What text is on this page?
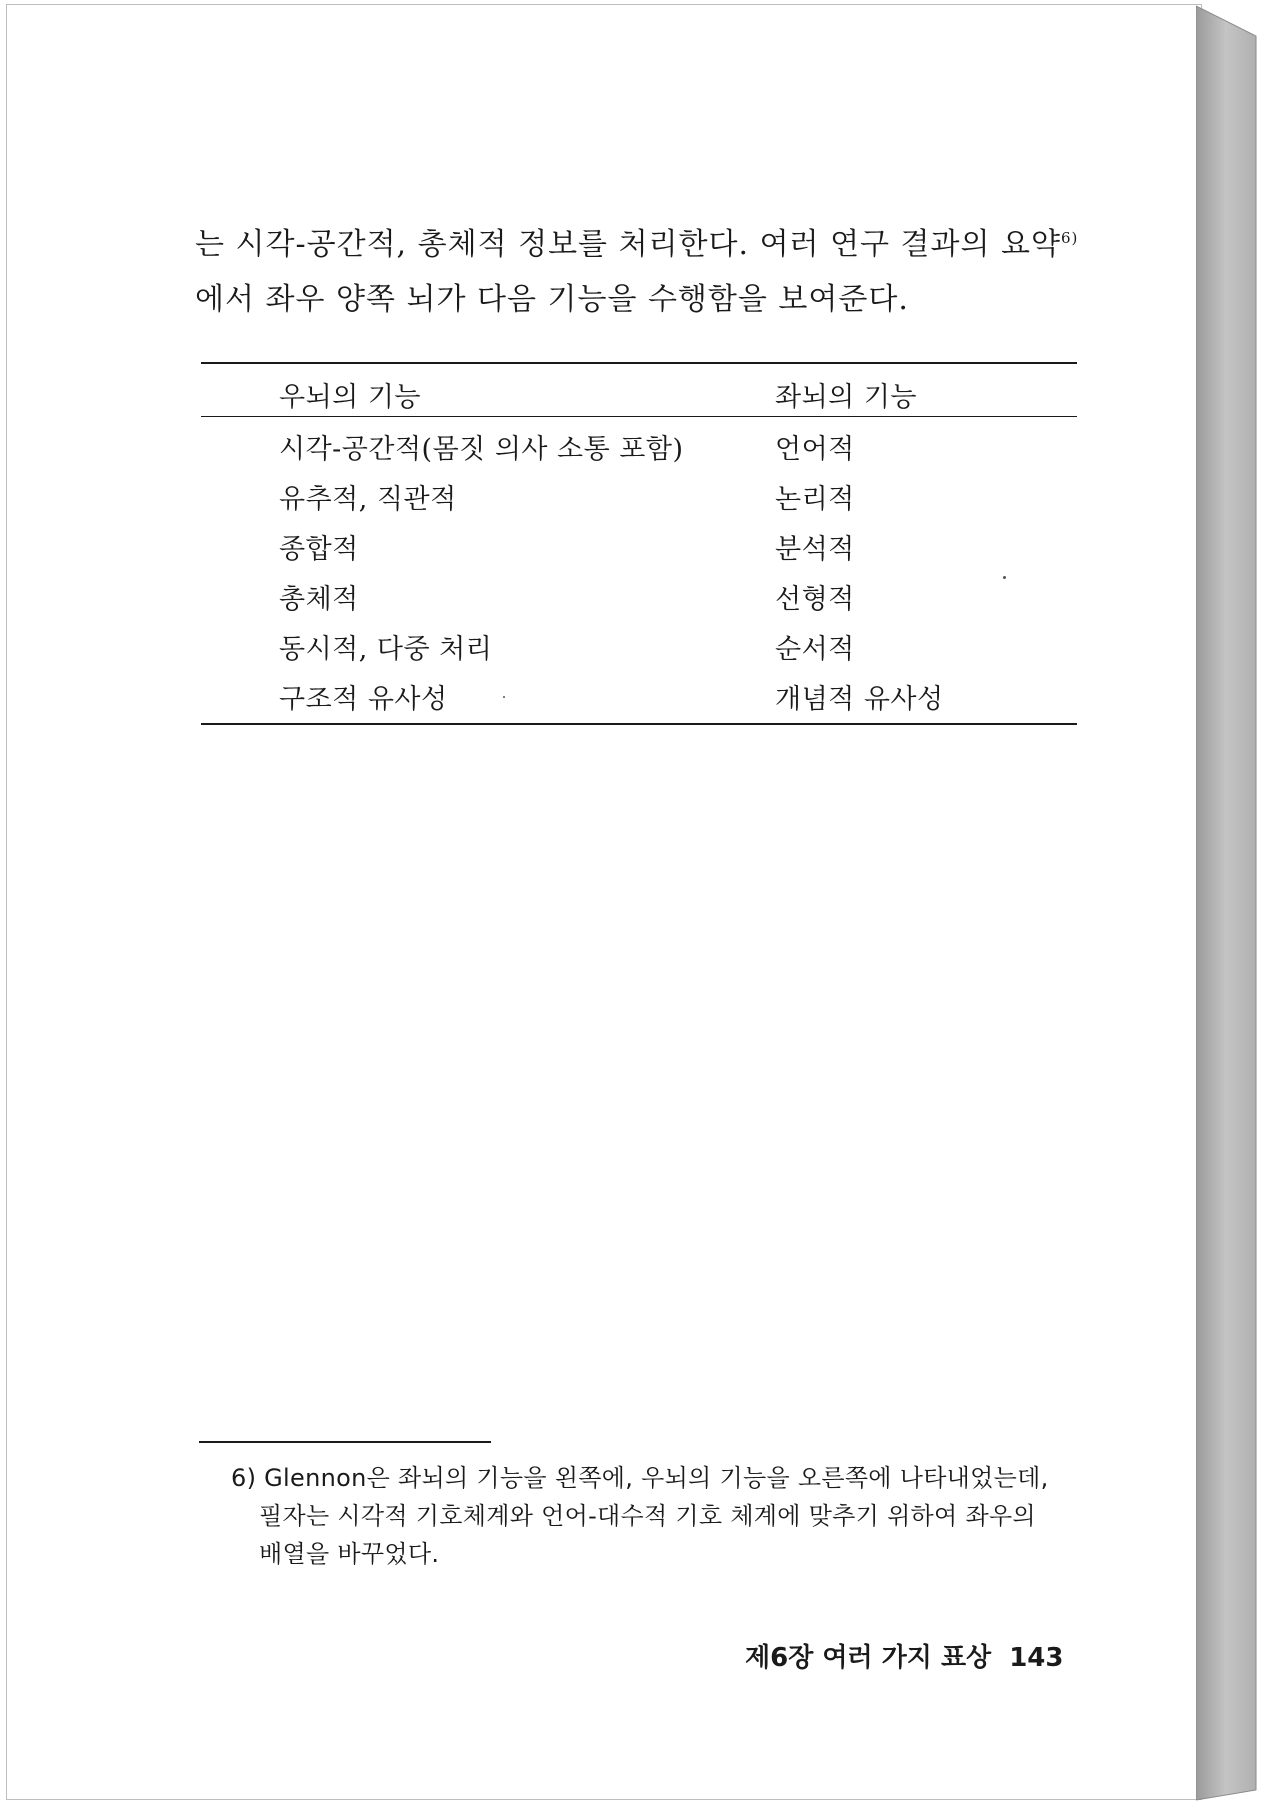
는 시각-공간적, 총체적 정보를 처리한다. 여러 연구 결과의 요약$^{6)}$
에서 좌우 양쪽 뇌가 다음 기능을 수행함을 보여준다.
우뇌의 기능	좌뇌의 기능
시각-공간적(몸짓 의사 소통 포함)	언어적
유추적, 직관적	논리적
종합적	분석적
총체적	선형적
동시적, 다중 처리	순서적
구조적 유사성	개념적 유사성
6) Glennon은 좌뇌의 기능을 왼쪽에, 우뇌의 기능을 오른쪽에 나타내었는데,
필자는 시각적 기호체계와 언어-대수적 기호 체계에 맞추기 위하여 좌우의
배열을 바꾸었다.
제6장 여러 가지 표상 143
